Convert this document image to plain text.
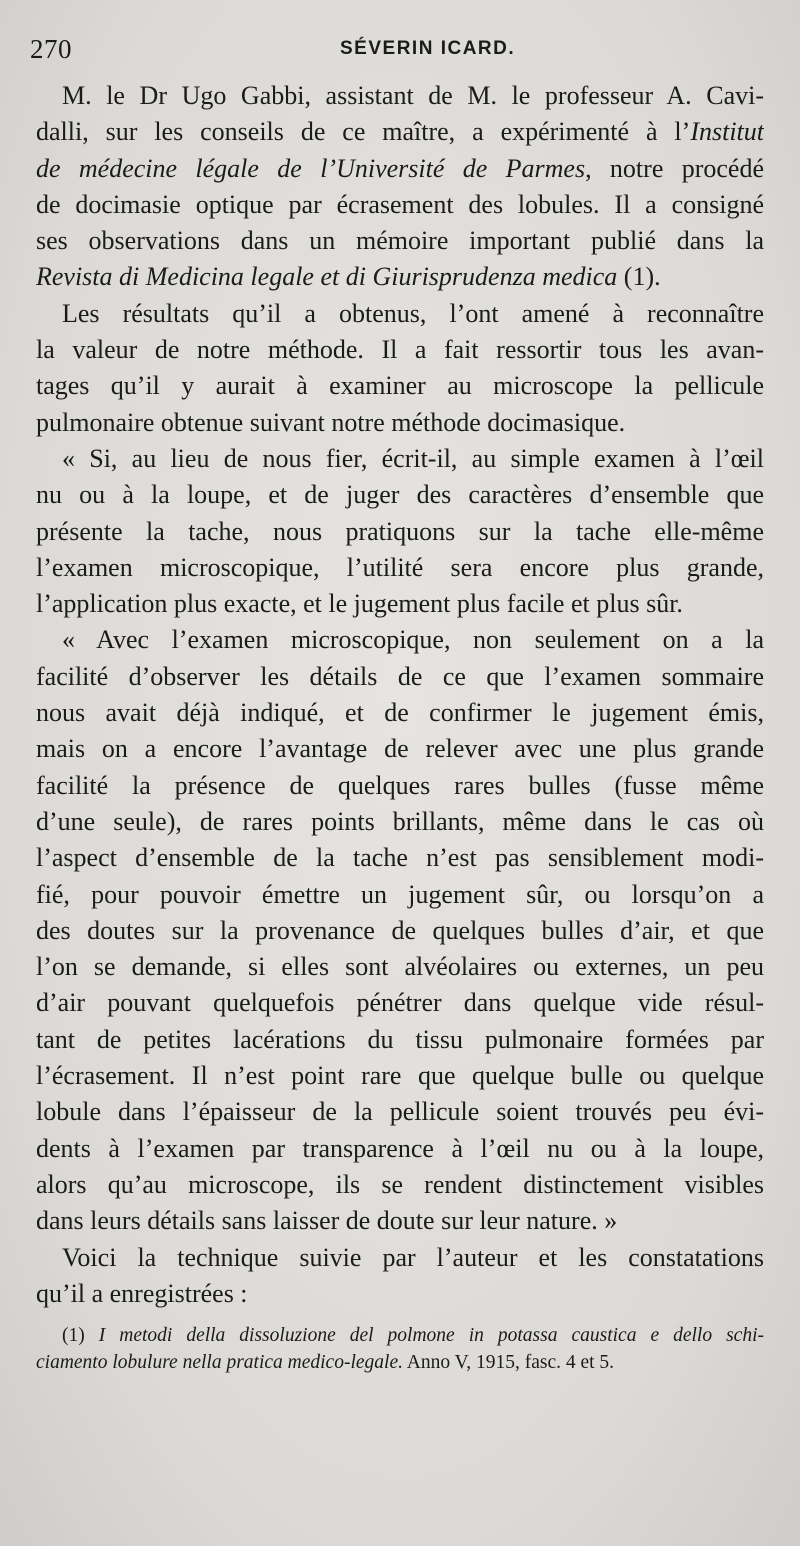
270	SÉVERIN ICARD.
M. le Dr Ugo Gabbi, assistant de M. le professeur A. Cavi-
dalli, sur les conseils de ce maître, a expérimenté à l’Institut
de médecine légale de l’Université de Parmes, notre procédé
de docimasie optique par écrasement des lobules. Il a consigné
ses observations dans un mémoire important publié dans la
Revista di Medicina legale et di Giurisprudenza medica (1).
Les résultats qu’il a obtenus, l’ont amené à reconnaître
la valeur de notre méthode. Il a fait ressortir tous les avan-
tages qu’il y aurait à examiner au microscope la pellicule
pulmonaire obtenue suivant notre méthode docimasique.
« Si, au lieu de nous fier, écrit-il, au simple examen à l’œil
nu ou à la loupe, et de juger des caractères d’ensemble que
présente la tache, nous pratiquons sur la tache elle-même
l’examen microscopique, l’utilité sera encore plus grande,
l’application plus exacte, et le jugement plus facile et plus sûr.
« Avec l’examen microscopique, non seulement on a la
facilité d’observer les détails de ce que l’examen sommaire
nous avait déjà indiqué, et de confirmer le jugement émis,
mais on a encore l’avantage de relever avec une plus grande
facilité la présence de quelques rares bulles (fusse même
d’une seule), de rares points brillants, même dans le cas où
l’aspect d’ensemble de la tache n’est pas sensiblement modi-
fié, pour pouvoir émettre un jugement sûr, ou lorsqu’on a
des doutes sur la provenance de quelques bulles d’air, et que
l’on se demande, si elles sont alvéolaires ou externes, un peu
d’air pouvant quelquefois pénétrer dans quelque vide résul-
tant de petites lacérations du tissu pulmonaire formées par
l’écrasement. Il n’est point rare que quelque bulle ou quelque
lobule dans l’épaisseur de la pellicule soient trouvés peu évi-
dents à l’examen par transparence à l’œil nu ou à la loupe,
alors qu’au microscope, ils se rendent distinctement visibles
dans leurs détails sans laisser de doute sur leur nature. »
Voici la technique suivie par l’auteur et les constatations
qu’il a enregistrées :
(1) I metodi della dissoluzione del polmone in potassa caustica e dello schi-
ciamento lobulure nella pratica medico-legale. Anno V, 1915, fasc. 4 et 5.
